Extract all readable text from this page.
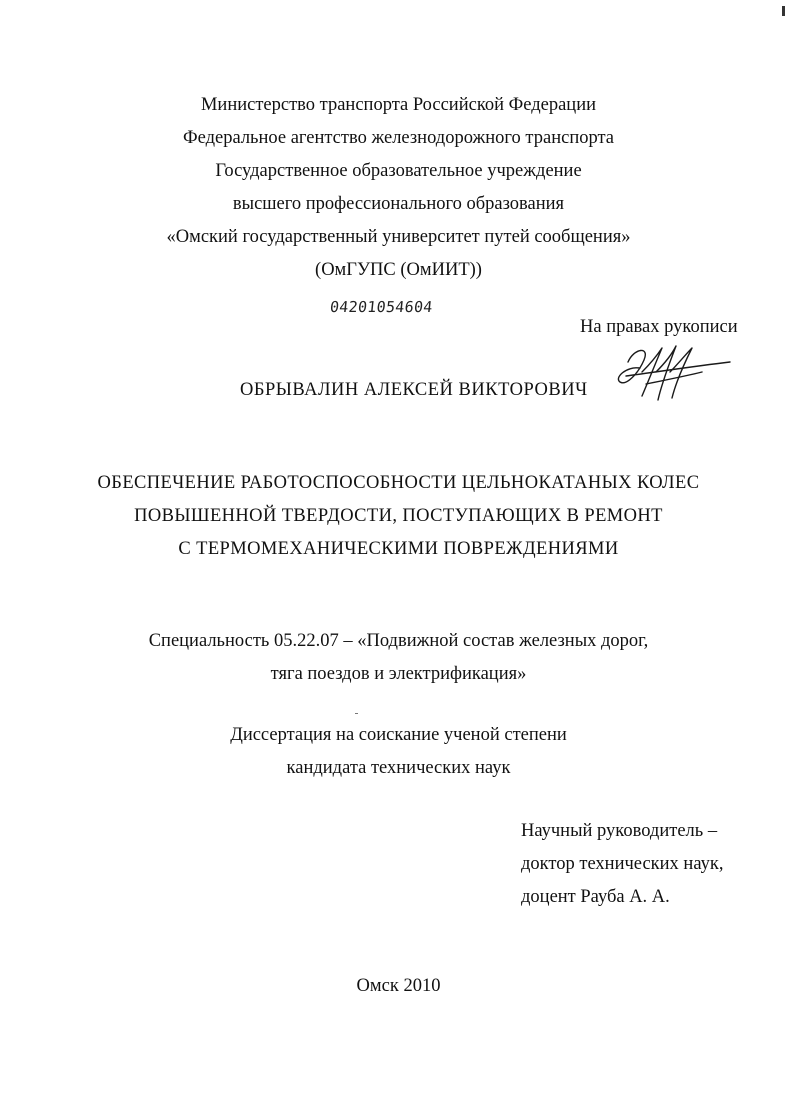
Министерство транспорта Российской Федерации
Федеральное агентство железнодорожного транспорта
Государственное образовательное учреждение
высшего профессионального образования
«Омский государственный университет путей сообщения»
(ОмГУПС (ОмИИТ))
04201054604
На правах рукописи
ОБРЫВАЛИН АЛЕКСЕЙ ВИКТОРОВИЧ
ОБЕСПЕЧЕНИЕ РАБОТОСПОСОБНОСТИ ЦЕЛЬНОКАТАНЫХ КОЛЕС
ПОВЫШЕННОЙ ТВЕРДОСТИ, ПОСТУПАЮЩИХ В РЕМОНТ
С ТЕРМОМЕХАНИЧЕСКИМИ ПОВРЕЖДЕНИЯМИ
Специальность 05.22.07 – «Подвижной состав железных дорог,
тяга поездов и электрификация»
Диссертация на соискание ученой степени
кандидата технических наук
Научный руководитель –
доктор технических наук,
доцент Рауба А. А.
Омск 2010
